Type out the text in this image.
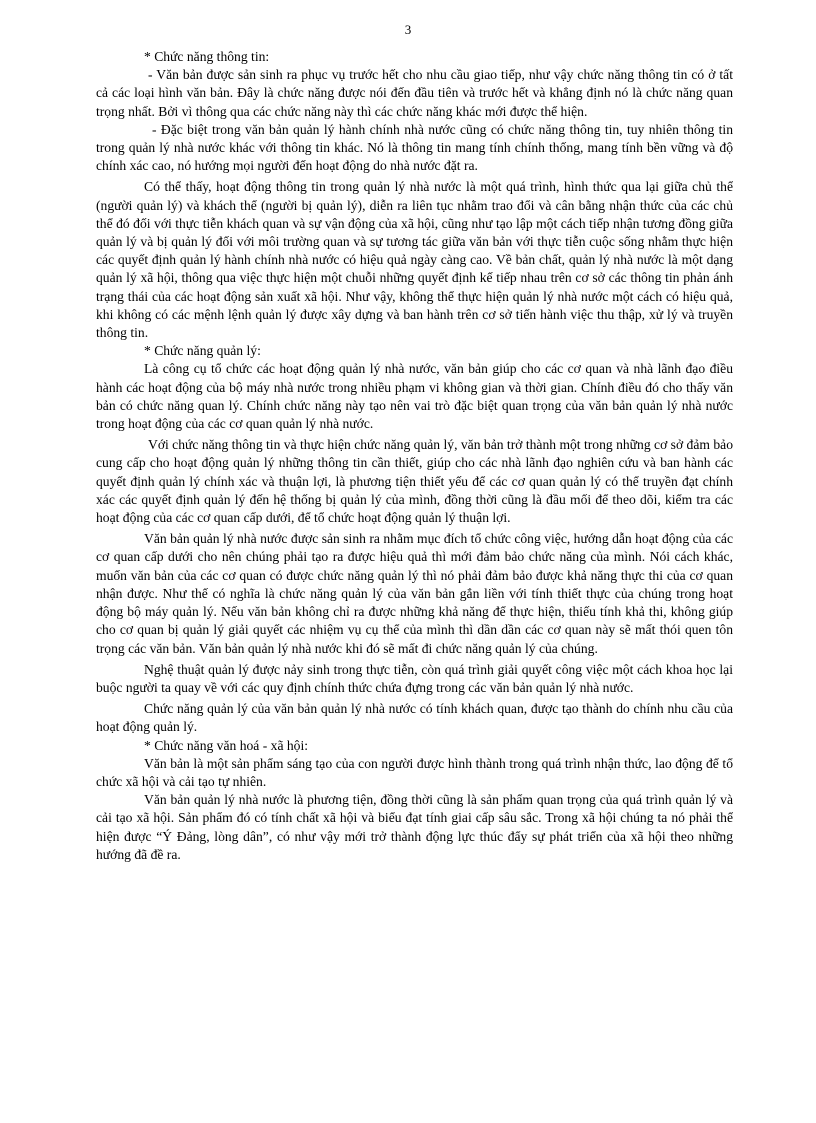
3

* Chức năng thông tin:

- Văn bản được sản sinh ra phục vụ trước hết cho nhu cầu giao tiếp, như vậy chức năng thông tin có ở tất cả các loại hình văn bản. Đây là chức năng được nói đến đầu tiên và trước hết và khẳng định nó là chức năng quan trọng nhất. Bởi vì thông qua các chức năng này thì các chức năng khác mới được thể hiện.

- Đặc biệt trong văn bản quản lý hành chính nhà nước cũng có chức năng thông tin, tuy nhiên thông tin trong quản lý nhà nước khác với thông tin khác. Nó là thông tin mang tính chính thống, mang tính bền vững và độ chính xác cao, nó hướng mọi người đến hoạt động do nhà nước đặt ra.

Có thể thấy, hoạt động thông tin trong quản lý nhà nước là một quá trình, hình thức qua lại giữa chủ thể (người quản lý) và khách thể (người bị quản lý), diễn ra liên tục nhằm trao đổi và cân bằng nhận thức của các chủ thể đó đối với thực tiễn khách quan và sự vận động của xã hội, cũng như tạo lập một cách tiếp nhận tương đồng giữa quản lý và bị quản lý đối với môi trường quan và sự tương tác giữa văn bản với thực tiễn cuộc sống nhằm thực hiện các quyết định quản lý hành chính nhà nước có hiệu quả ngày càng cao. Về bản chất, quản lý nhà nước là một dạng quản lý xã hội, thông qua việc thực hiện một chuỗi những quyết định kế tiếp nhau trên cơ sở các thông tin phản ánh trạng thái của các hoạt động sản xuất xã hội. Như vậy, không thể thực hiện quản lý nhà nước một cách có hiệu quả, khi không có các mệnh lệnh quản lý được xây dựng và ban hành trên cơ sở tiến hành việc thu thập, xử lý và truyền thông tin.

* Chức năng quản lý:

Là công cụ tổ chức các hoạt động quản lý nhà nước, văn bản giúp cho các cơ quan và nhà lãnh đạo điều hành các hoạt động của bộ máy nhà nước trong nhiều phạm vi không gian và thời gian. Chính điều đó cho thấy văn bản có chức năng quan lý. Chính chức năng này tạo nên vai trò đặc biệt quan trọng của văn bản quản lý nhà nước trong hoạt động của các cơ quan quản lý nhà nước.

Với chức năng thông tin và thực hiện chức năng quản lý, văn bản trở thành một trong những cơ sở đảm bảo cung cấp cho hoạt động quản lý những thông tin cần thiết, giúp cho các nhà lãnh đạo nghiên cứu và ban hành các quyết định quản lý chính xác và thuận lợi, là phương tiện thiết yếu để các cơ quan quản lý có thể truyền đạt chính xác các quyết định quản lý đến hệ thống bị quản lý của mình, đồng thời cũng là đầu mối để theo dõi, kiểm tra các hoạt động của các cơ quan cấp dưới, để tổ chức hoạt động quản lý thuận lợi.

Văn bản quản lý nhà nước được sản sinh ra nhằm mục đích tổ chức công việc, hướng dẫn hoạt động của các cơ quan cấp dưới cho nên chúng phải tạo ra được hiệu quả thì mới đảm bảo chức năng của mình. Nói cách khác, muốn văn bản của các cơ quan có được chức năng quản lý thì nó phải đảm bảo được khả năng thực thi của cơ quan nhận được. Như thế có nghĩa là chức năng quản lý của văn bản gắn liền với tính thiết thực của chúng trong hoạt động bộ máy quản lý. Nếu văn bản không chỉ ra được những khả năng để thực hiện, thiếu tính khả thi, không giúp cho cơ quan bị quản lý giải quyết các nhiệm vụ cụ thể của mình thì dần dần các cơ quan này sẽ mất thói quen tôn trọng các văn bản. Văn bản quản lý nhà nước khi đó sẽ mất đi chức năng quản lý của chúng.

Nghệ thuật quản lý được nảy sinh trong thực tiễn, còn quá trình giải quyết công việc một cách khoa học lại buộc người ta quay về với các quy định chính thức chứa đựng trong các văn bản quản lý nhà nước.

Chức năng quản lý của văn bản quản lý nhà nước có tính khách quan, được tạo thành do chính nhu cầu của hoạt động quản lý.

* Chức năng văn hoá - xã hội:

Văn bản là một sản phẩm sáng tạo của con người được hình thành trong quá trình nhận thức, lao động để tổ chức xã hội và cải tạo tự nhiên.

Văn bản quản lý nhà nước là phương tiện, đồng thời cũng là sản phẩm quan trọng của quá trình quản lý và cải tạo xã hội. Sản phẩm đó có tính chất xã hội và biểu đạt tính giai cấp sâu sắc. Trong xã hội chúng ta nó phải thể hiện được “Ý Đảng, lòng dân”, có như vậy mới trở thành động lực thúc đẩy sự phát triển của xã hội theo những hướng đã đề ra.
